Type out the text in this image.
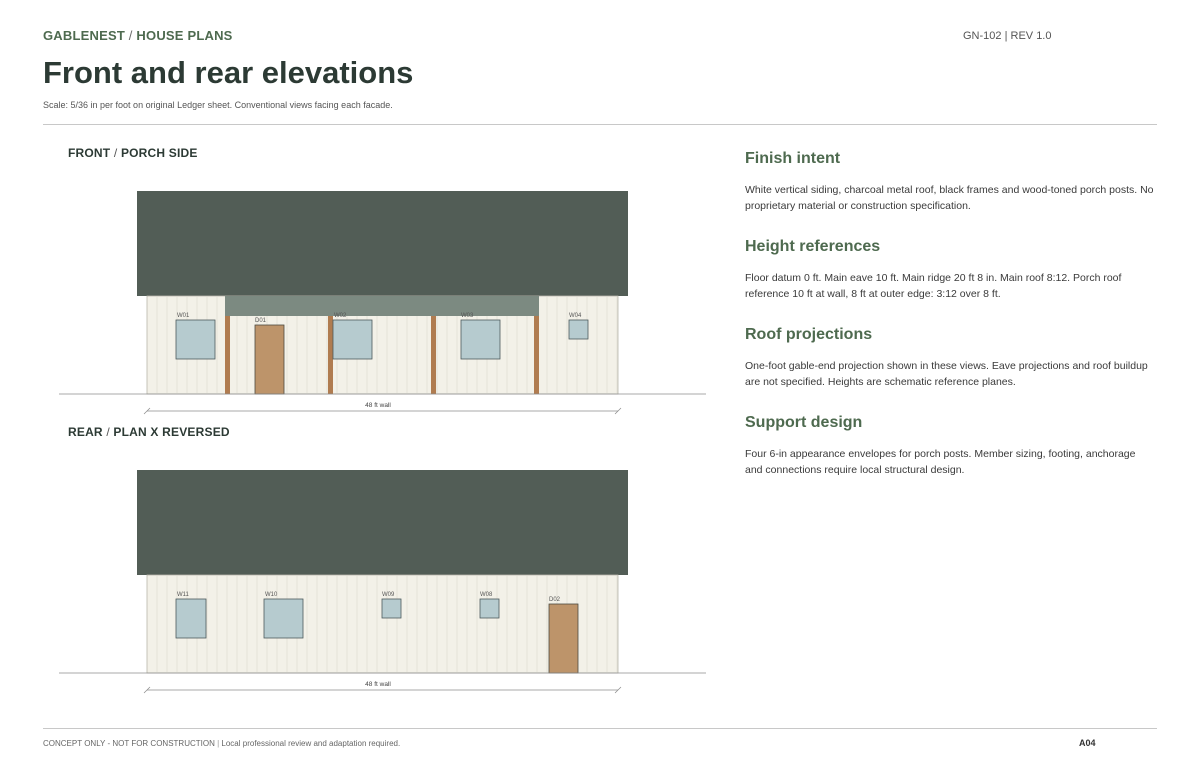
GABLENEST / HOUSE PLANS	GN-102 | REV 1.0
Front and rear elevations
Scale: 5/36 in per foot on original Ledger sheet. Conventional views facing each facade.
FRONT / PORCH SIDE
W01
D01
W02	W03	W04
48 ft wall
REAR / PLAN X REVERSED
W11	W10	W09	W08
D02
48 ft wall
Finish intent
White vertical siding, charcoal metal roof, black frames and wood-toned porch posts. No proprietary material or construction specification.
Height references
Floor datum 0 ft. Main eave 10 ft. Main ridge 20 ft 8 in. Main roof 8:12. Porch roof reference 10 ft at wall, 8 ft at outer edge: 3:12 over 8 ft.
Roof projections
One-foot gable-end projection shown in these views. Eave projections and roof buildup are not specified. Heights are schematic reference planes.
Support design
Four 6-in appearance envelopes for porch posts. Member sizing, footing, anchorage and connections require local structural design.
CONCEPT ONLY - NOT FOR CONSTRUCTION | Local professional review and adaptation required.	A04
